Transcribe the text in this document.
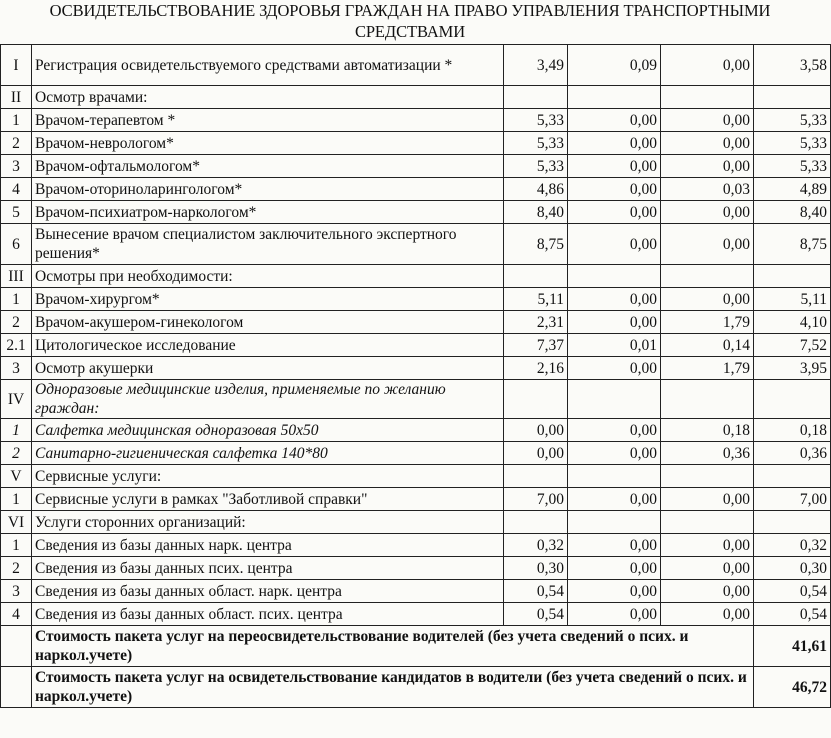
ОСВИДЕТЕЛЬСТВОВАНИЕ ЗДОРОВЬЯ ГРАЖДАН НА ПРАВО УПРАВЛЕНИЯ ТРАНСПОРТНЫМИ СРЕДСТВАМИ
I	Регистрация освидетельствуемого средствами автоматизации *	3,49	0,09	0,00	3,58
II	Осмотр врачами:				
1	Врачом-терапевтом *	5,33	0,00	0,00	5,33
2	Врачом-неврологом*	5,33	0,00	0,00	5,33
3	Врачом-офтальмологом*	5,33	0,00	0,00	5,33
4	Врачом-оториноларингологом*	4,86	0,00	0,03	4,89
5	Врачом-психиатром-наркологом*	8,40	0,00	0,00	8,40
6	Вынесение врачом специалистом заключительного экспертного решения*	8,75	0,00	0,00	8,75
III	Осмотры при необходимости:				
1	Врачом-хирургом*	5,11	0,00	0,00	5,11
2	Врачом-акушером-гинекологом	2,31	0,00	1,79	4,10
2.1	Цитологическое исследование	7,37	0,01	0,14	7,52
3	Осмотр акушерки	2,16	0,00	1,79	3,95
IV	Одноразовые медицинские изделия, применяемые по желанию граждан:				
1	Салфетка медицинская одноразовая 50х50	0,00	0,00	0,18	0,18
2	Санитарно-гигиеническая салфетка 140*80	0,00	0,00	0,36	0,36
V	Сервисные услуги:				
1	Сервисные услуги в рамках "Заботливой справки"	7,00	0,00	0,00	7,00
VI	Услуги сторонних организаций:				
1	Сведения из базы данных нарк. центра	0,32	0,00	0,00	0,32
2	Сведения из базы данных псих. центра	0,30	0,00	0,00	0,30
3	Сведения из базы данных област. нарк. центра	0,54	0,00	0,00	0,54
4	Сведения из базы данных област. псих. центра	0,54	0,00	0,00	0,54
	Стоимость пакета услуг на переосвидетельствование водителей (без учета сведений о псих. и наркол.учете)				41,61
	Стоимость пакета услуг на освидетельствование кандидатов в водители (без учета сведений о псих. и наркол.учете)				46,72
